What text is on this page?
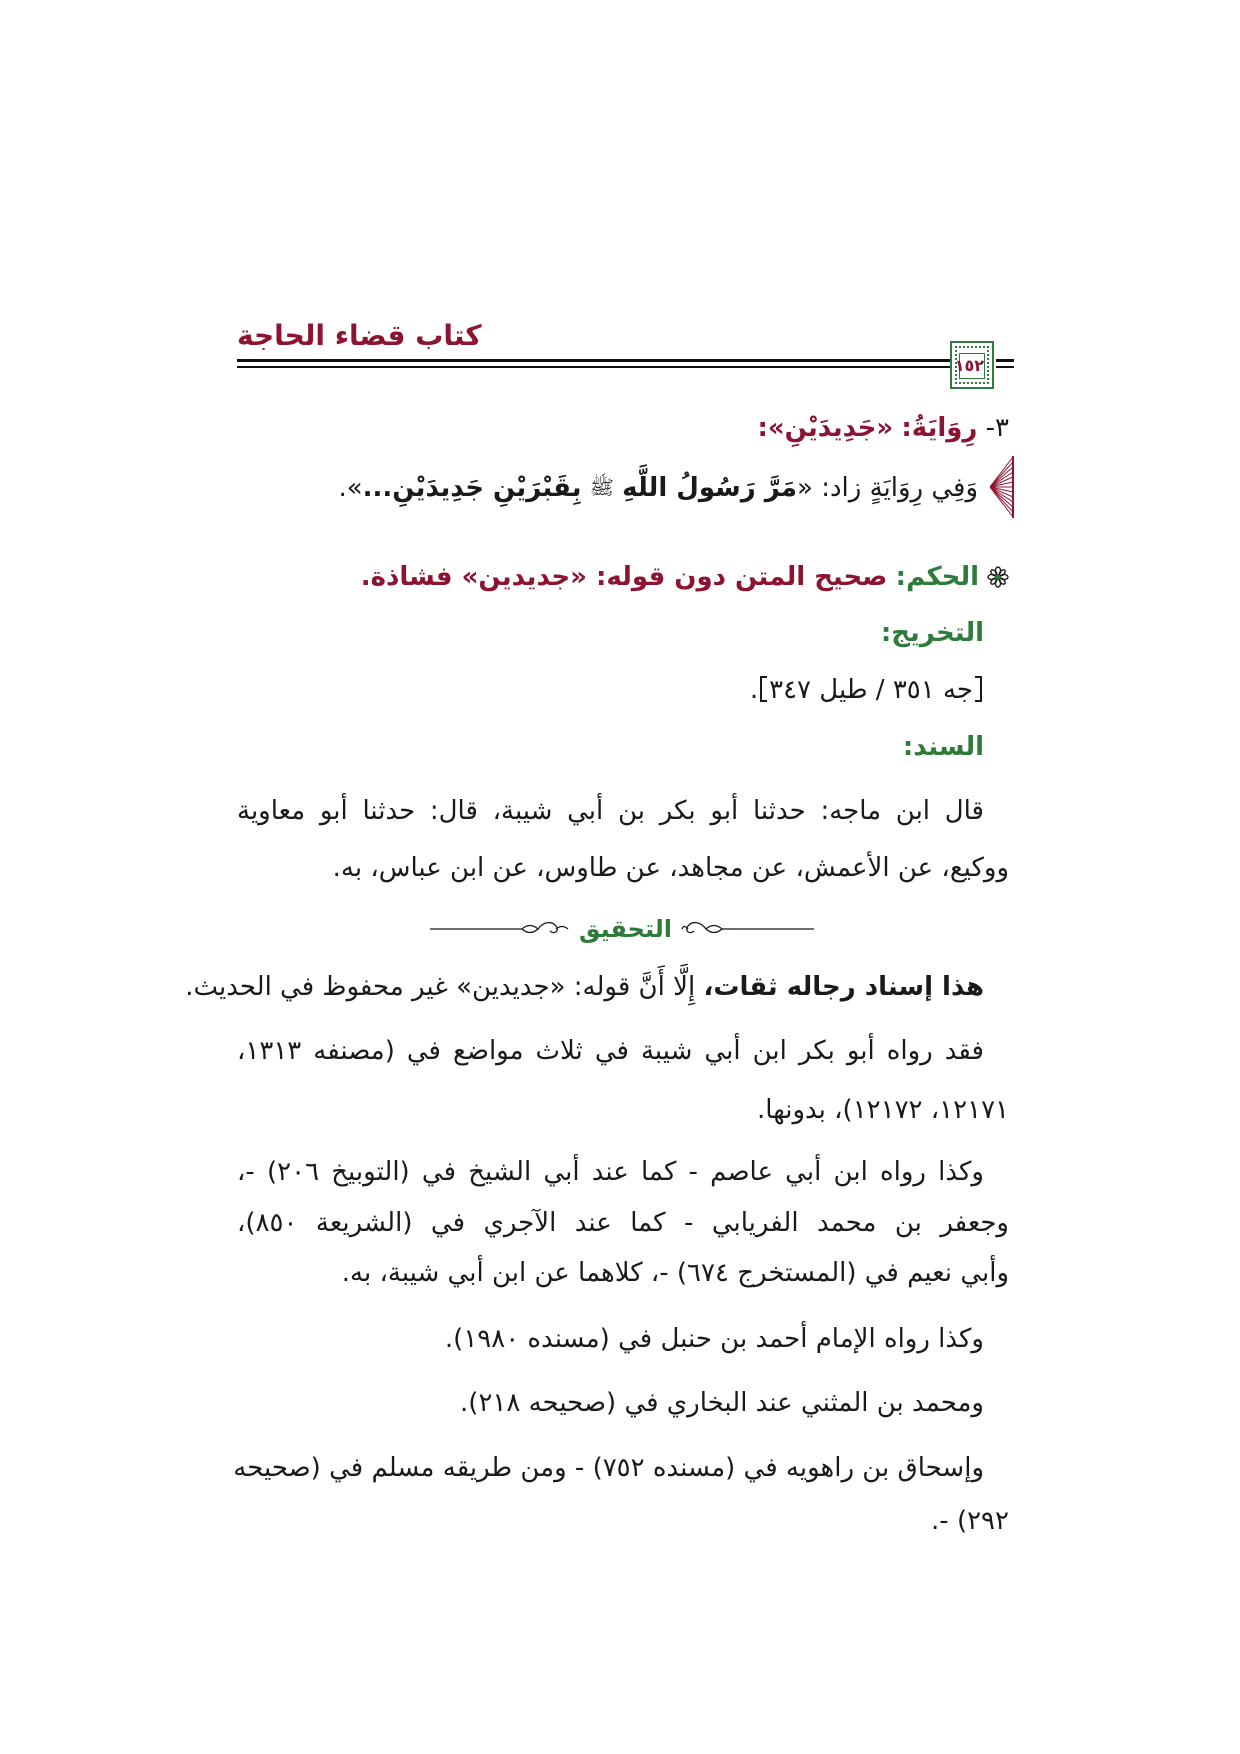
كتاب قضاء الحاجة
١٥٢
٣- رِوَايَةُ: «جَدِيدَيْنِ»:
وَفِي رِوَايَةٍ زاد: «مَرَّ رَسُولُ اللَّهِ ﷺ بِقَبْرَيْنِ جَدِيدَيْنِ...».
الحكم: صحيح المتن دون قوله: «جديدين» فشاذة.
التخريج:
جه ٣٥١ / طيل ٣٤٧.
السند:
قال ابن ماجه: حدثنا أبو بكر بن أبي شيبة، قال: حدثنا أبو معاوية
ووكيع، عن الأعمش، عن مجاهد، عن طاوس، عن ابن عباس، به.
التحقيق
هذا إسناد رجاله ثقات، إِلَّا أَنَّ قوله: «جديدين» غير محفوظ في الحديث.
فقد رواه أبو بكر ابن أبي شيبة في ثلاث مواضع في (مصنفه ١٣١٣،
١٢١٧١، ١٢١٧٢)، بدونها.
وكذا رواه ابن أبي عاصم - كما عند أبي الشيخ في (التوبيخ ٢٠٦) -،
وجعفر بن محمد الفريابي - كما عند الآجري في (الشريعة ٨٥٠)،
وأبي نعيم في (المستخرج ٦٧٤) -، كلاهما عن ابن أبي شيبة، به.
وكذا رواه الإمام أحمد بن حنبل في (مسنده ١٩٨٠).
ومحمد بن المثني عند البخاري في (صحيحه ٢١٨).
وإسحاق بن راهويه في (مسنده ٧٥٢) - ومن طريقه مسلم في (صحيحه
٢٩٢) -.
